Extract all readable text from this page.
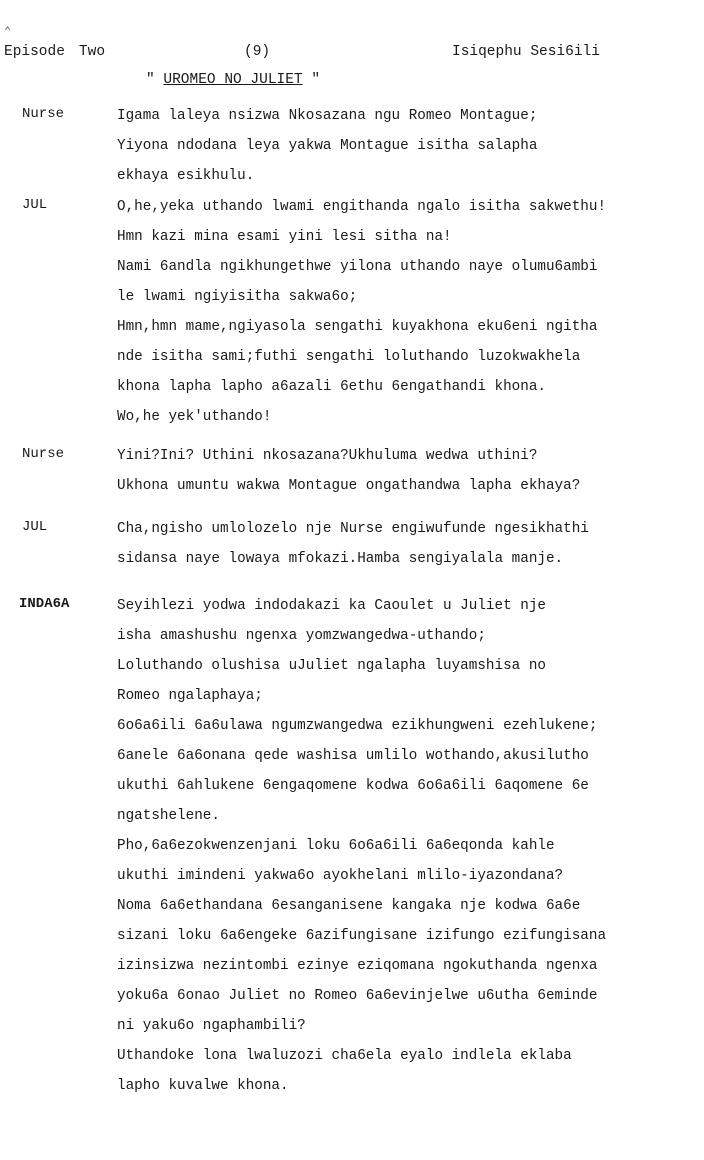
⌃
Episode Two	(9)	Isiqephu Sesi6ili
" UROMEO NO JULIET "
Nurse	Igama laleya nsizwa Nkosazana ngu Romeo Montague;
Yiyona ndodana leya yakwa Montague isitha salapha
ekhaya esikhulu.
JUL	O,he,yeka uthando lwami engithanda ngalo isitha sakwethu!
Hmn kazi mina esami yini lesi sitha na!
Nami 6andla ngikhungethwe yilona uthando naye olumu6ambi
le lwami ngiyisitha sakwa6o;
Hmn,hmn mame,ngiyasola sengathi kuyakhona eku6eni ngitha
nde isitha sami;futhi sengathi loluthando luzokwakhela
khona lapha lapho a6azali 6ethu 6engathandi khona.
Wo,he yek'uthando!
Nurse	Yini?Ini? Uthini nkosazana?Ukhuluma wedwa uthini?
Ukhona umuntu wakwa Montague ongathandwa lapha ekhaya?
JUL	Cha,ngisho umlolozelo nje Nurse engiwufunde ngesikhathi
sidansa naye lowaya mfokazi.Hamba sengiyalala manje.
INDA6A	Seyihlezi yodwa indodakazi ka Caoulet u Juliet nje
isha amashushu ngenxa yomzwangedwa-uthando;
Loluthando olushisa uJuliet ngalapha luyamshisa no
Romeo ngalaphaya;
6o6a6ili 6a6ulawa ngumzwangedwa ezikhungweni ezehlukene;
6anele 6a6onana qede washisa umlilo wothando,akusilutho
ukuthi 6ahlukene 6engaqomene kodwa 6o6a6ili 6aqomene 6e
ngatshelene.
Pho,6a6ezokwenzenjani loku 6o6a6ili 6a6eqonda kahle
ukuthi imindeni yakwa6o ayokhelani mlilo-iyazondana?
Noma 6a6ethandana 6esanganisene kangaka nje kodwa 6a6e
sizani loku 6a6engeke 6azifungisane izifungo ezifungisana
izinsizwa nezintombi ezinye eziqomana ngokuthanda ngenxa
yoku6a 6onao Juliet no Romeo 6a6evinjelwe u6utha 6eminde
ni yaku6o ngaphambili?
Uthandoke lona lwaluzozi cha6ela eyalo indlela eklaba
lapho kuvalwe khona.
